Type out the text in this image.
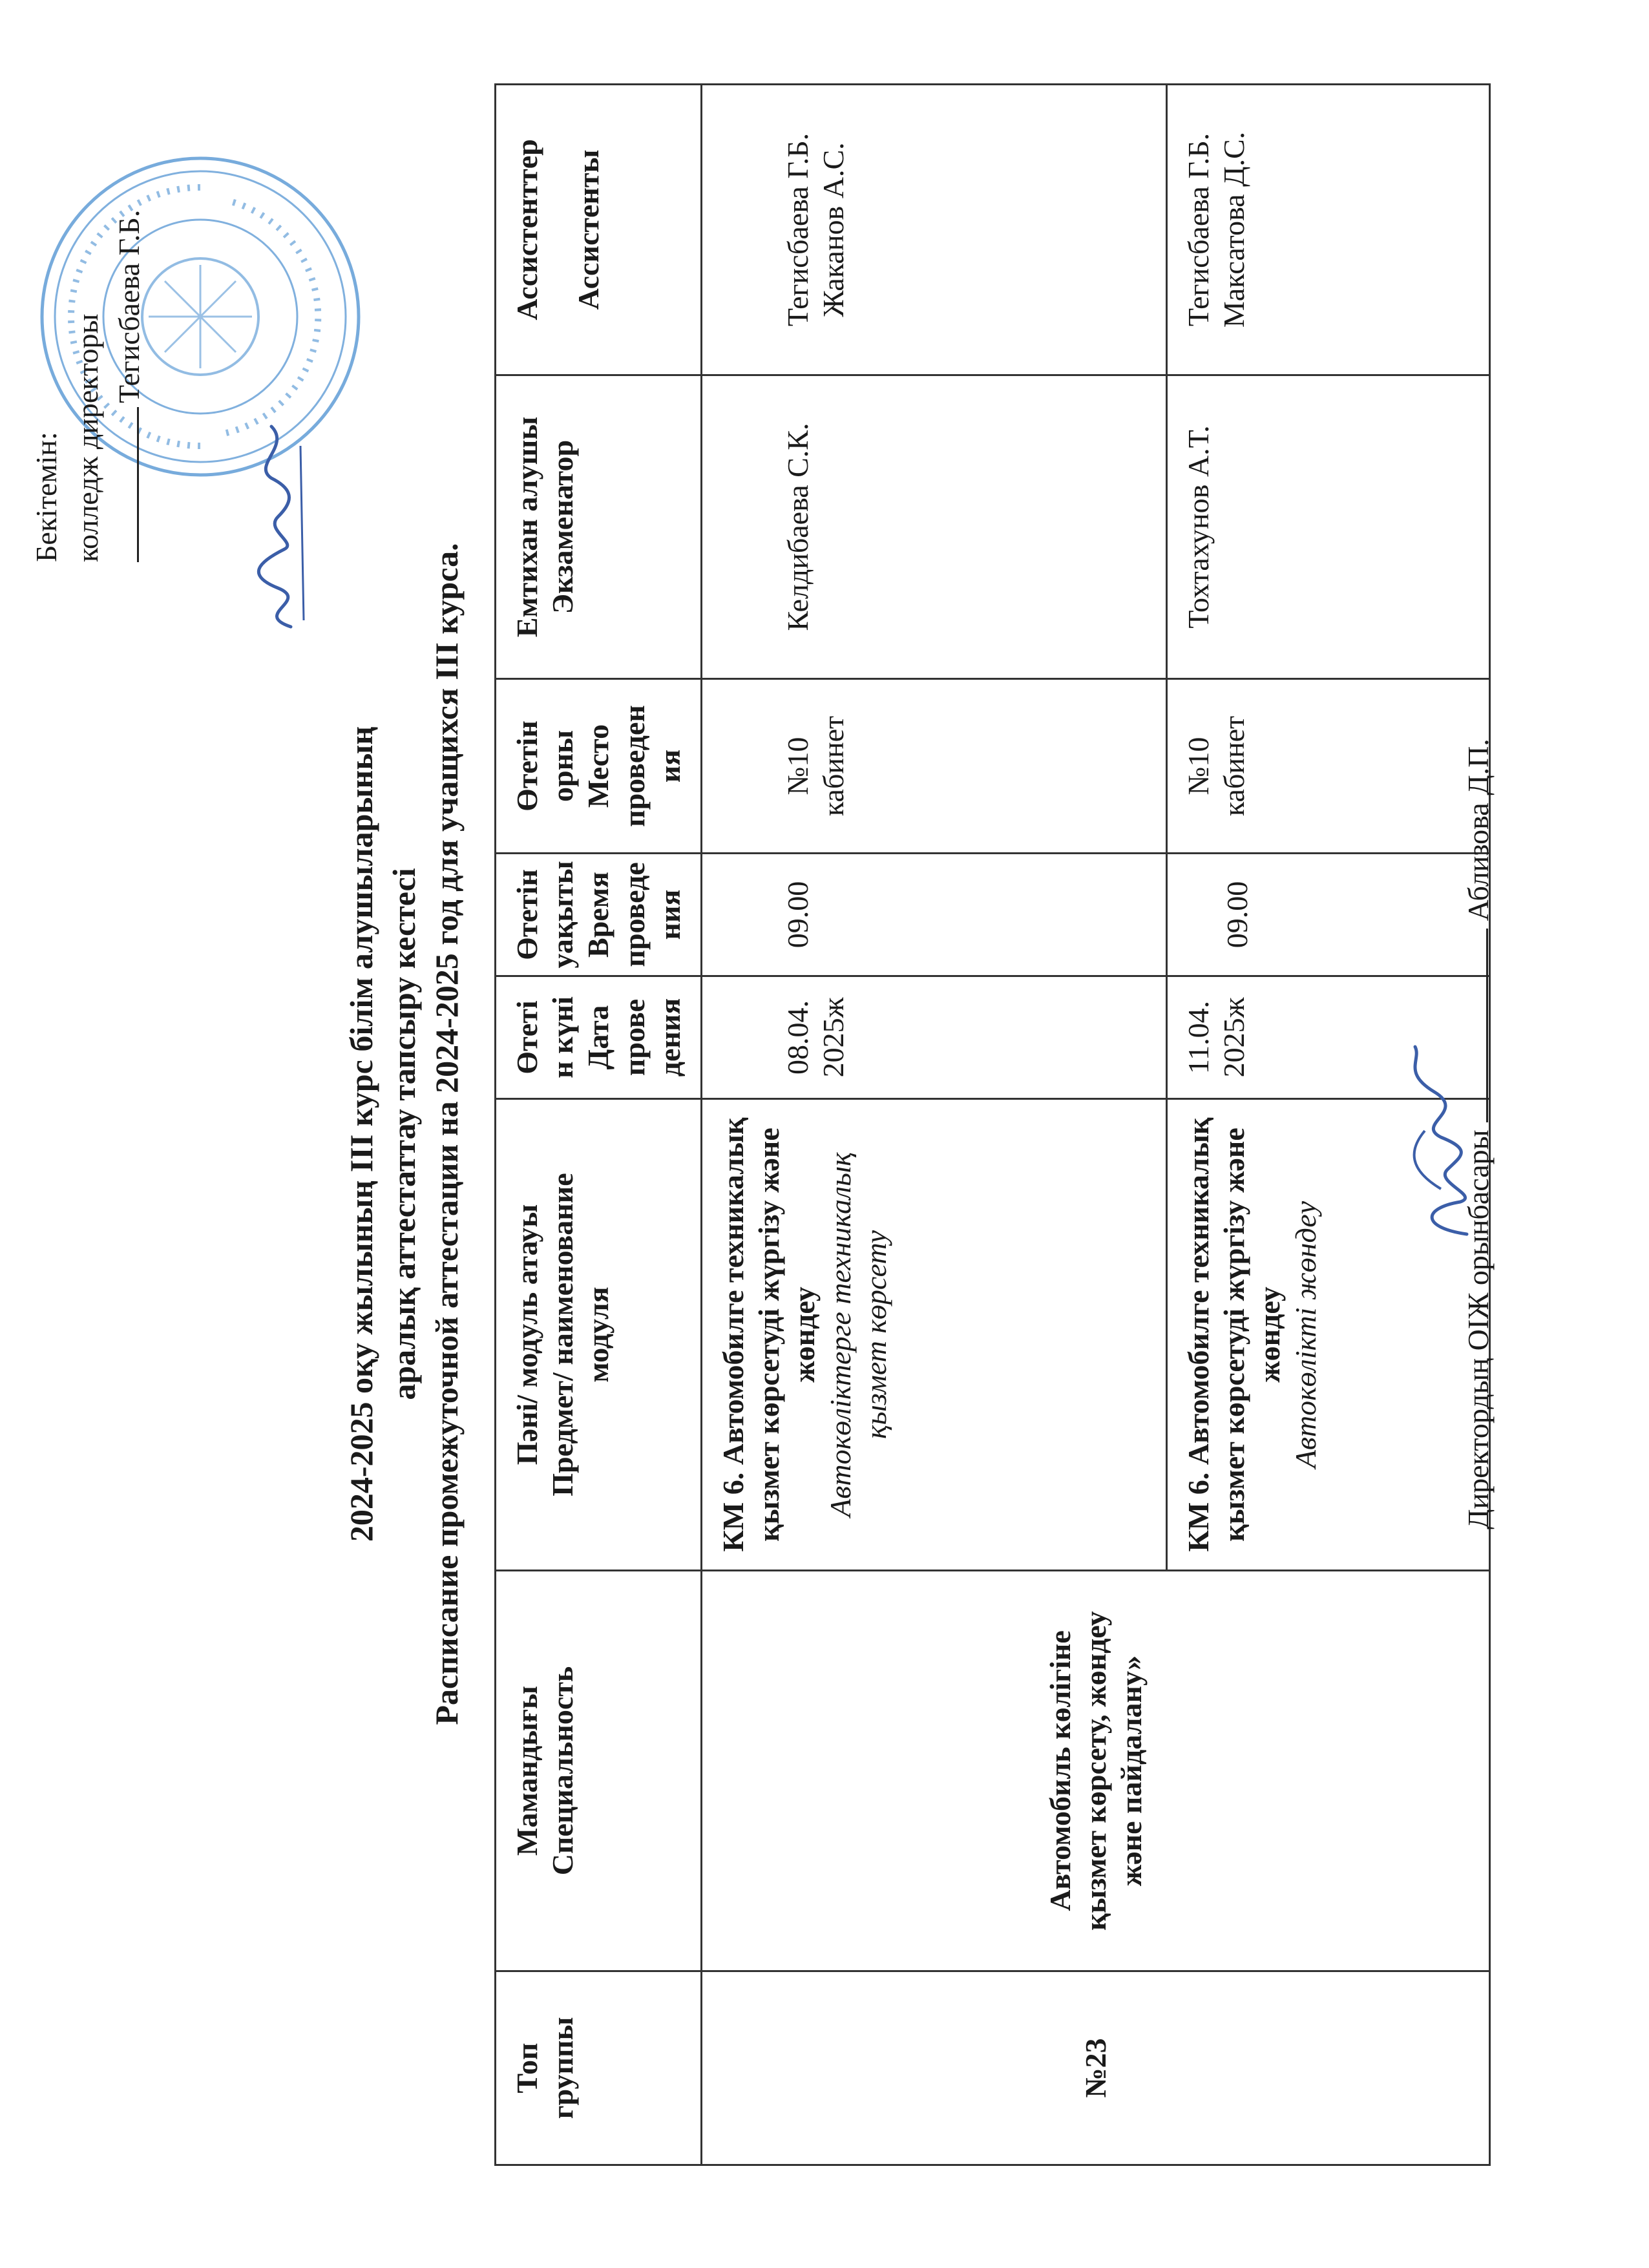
Бекітемін: колледж директоры
Тегисбаева Г.Б.
2024-2025 оқу жылының ІІІ курс білім алушыларының аралық аттестаттау тапсыру кестесі Расписание промежуточной аттестации на 2024-2025 год для учащихся ІІІ курса.
Топ группы	Мамандығы Специальность	Пәні/ модуль атауы Предмет/ наименование модуля	Өтетi н күнi Дата прове дения	Өтетін уақыты Время проведе ния	Өтетін орны Место проведен ия	Емтихан алушы Экзаменатор	Ассистенттер Ассистенты

№23	Автомобиль көлігіне қызмет көрсету, жөндеу және пайдалану»	КМ 6. Автомобилге техникалық қызмет көрсетуді жүргізу және жөндеу Автокөліктерге техникалық қызмет көрсету	08.04. 2025ж	09.00	№10 кабинет	Келдибаева С.К.	Тегисбаева Г.Б. Жаканов А.С.

		КМ 6. Автомобилге техникалық қызмет көрсетуді жүргізу және жөндеу Автокөлікті жөндеу	11.04. 2025ж	09.00	№10 кабинет	Тохтахунов А.Т.	Тегисбаева Г.Б. Максатова Д.С.
Директордың ОІЖ орынбасары  Аблизова Д.П.
